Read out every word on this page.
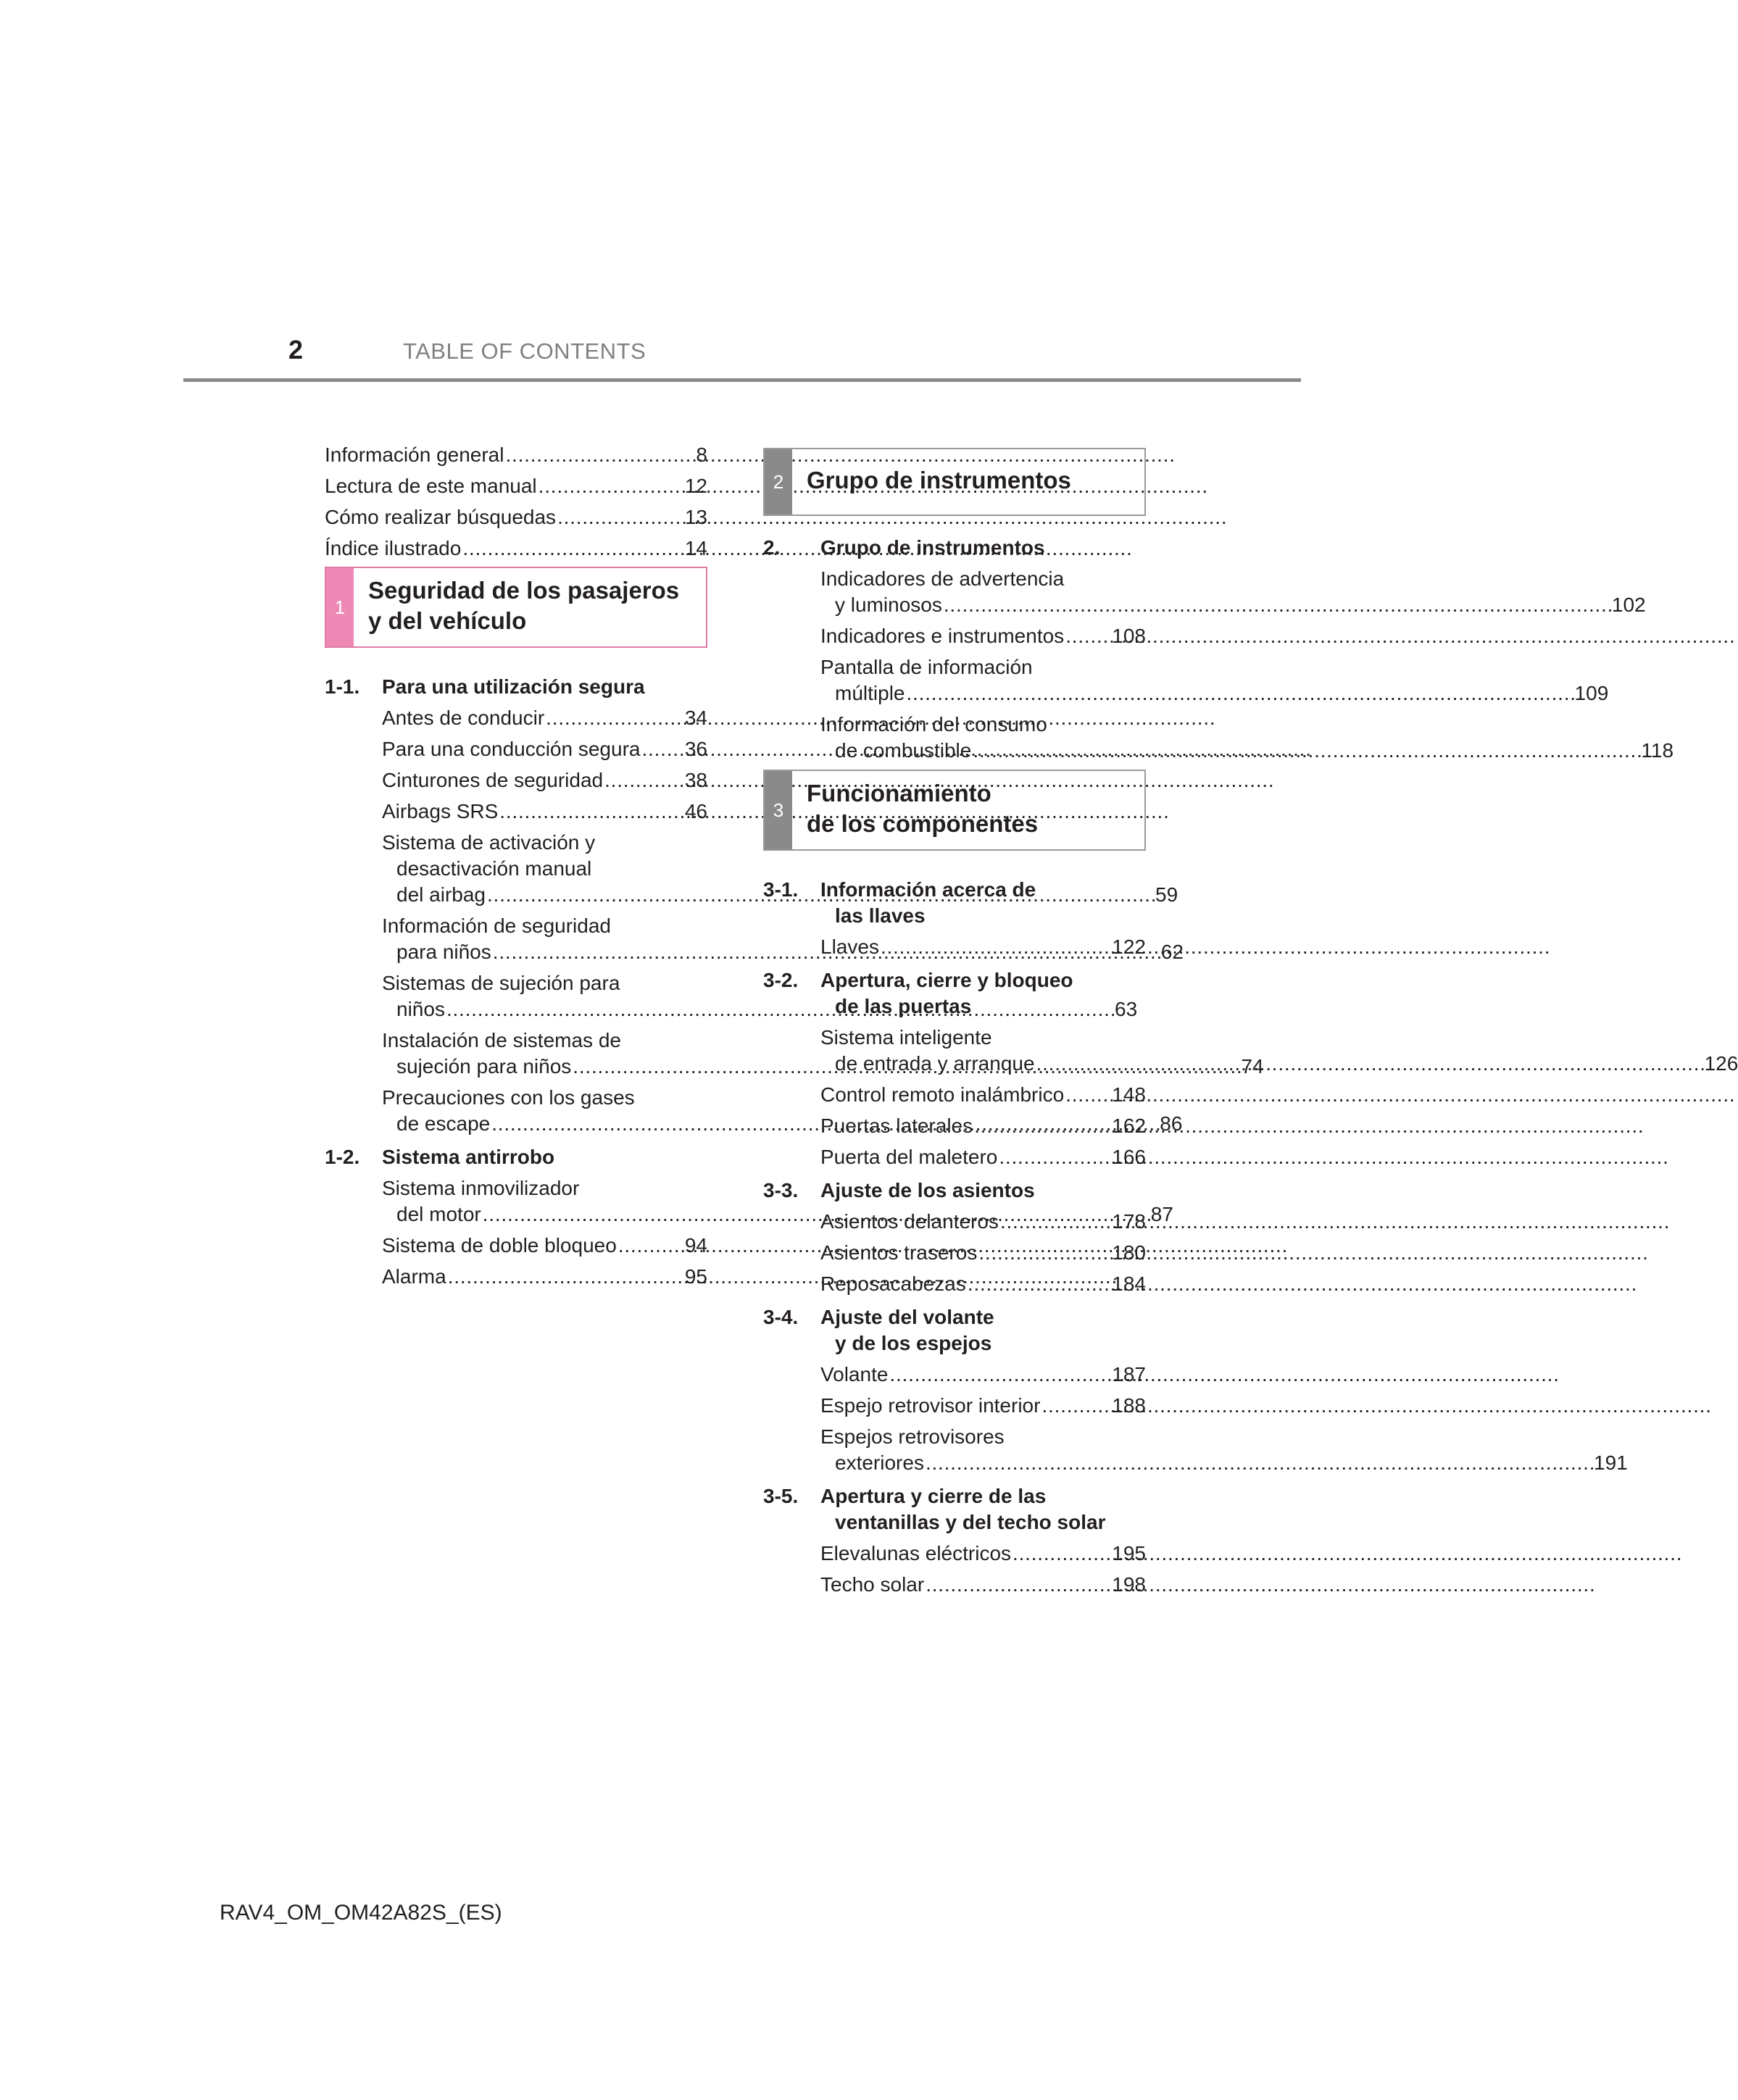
2	TABLE OF CONTENTS
Información general . . .	8
Lectura de este manual . . .	12
Cómo realizar búsquedas . . .	13
Índice ilustrado . . .	14
1
Seguridad de los pasajeros
y del vehículo
1-1.	Para una utilización segura
Antes de conducir . . .	34
Para una conducción segura . . . 36
Cinturones de seguridad . . .	38
Airbags SRS . . .	46
Sistema de activación y
desactivación manual
del airbag . . .	59
Información de seguridad
para niños . . .	62
Sistemas de sujeción para
niños . . .	63
Instalación de sistemas de
sujeción para niños . . .	74
Precauciones con los gases
de escape . . .	86
1-2.	Sistema antirrobo
Sistema inmovilizador
del motor . . .	87
Sistema de doble bloqueo . . .	94
Alarma . . .	95
2 Grupo de instrumentos
2.	Grupo de instrumentos
Indicadores de advertencia
y luminosos . . .	102
Indicadores e instrumentos . . . 108
Pantalla de información
múltiple . . .	109
Información del consumo
de combustible . . .	118
3
Funcionamiento
de los componentes
3-1.	Información acerca de
las llaves
Llaves . . .	122
3-2.	Apertura, cierre y bloqueo
de las puertas
Sistema inteligente
de entrada y arranque . . .	126
Control remoto inalámbrico . . . 148
Puertas laterales . . .	162
Puerta del maletero . . .	166
3-3.	Ajuste de los asientos
Asientos delanteros . . .	178
Asientos traseros . . .	180
Reposacabezas . . .	184
3-4.	Ajuste del volante
y de los espejos
Volante . . .	187
Espejo retrovisor interior . . .	188
Espejos retrovisores
exteriores . . .	191
3-5.	Apertura y cierre de las
ventanillas y del techo solar
Elevalunas eléctricos . . .	195
Techo solar . . .	198
RAV4_OM_OM42A82S_(ES)
